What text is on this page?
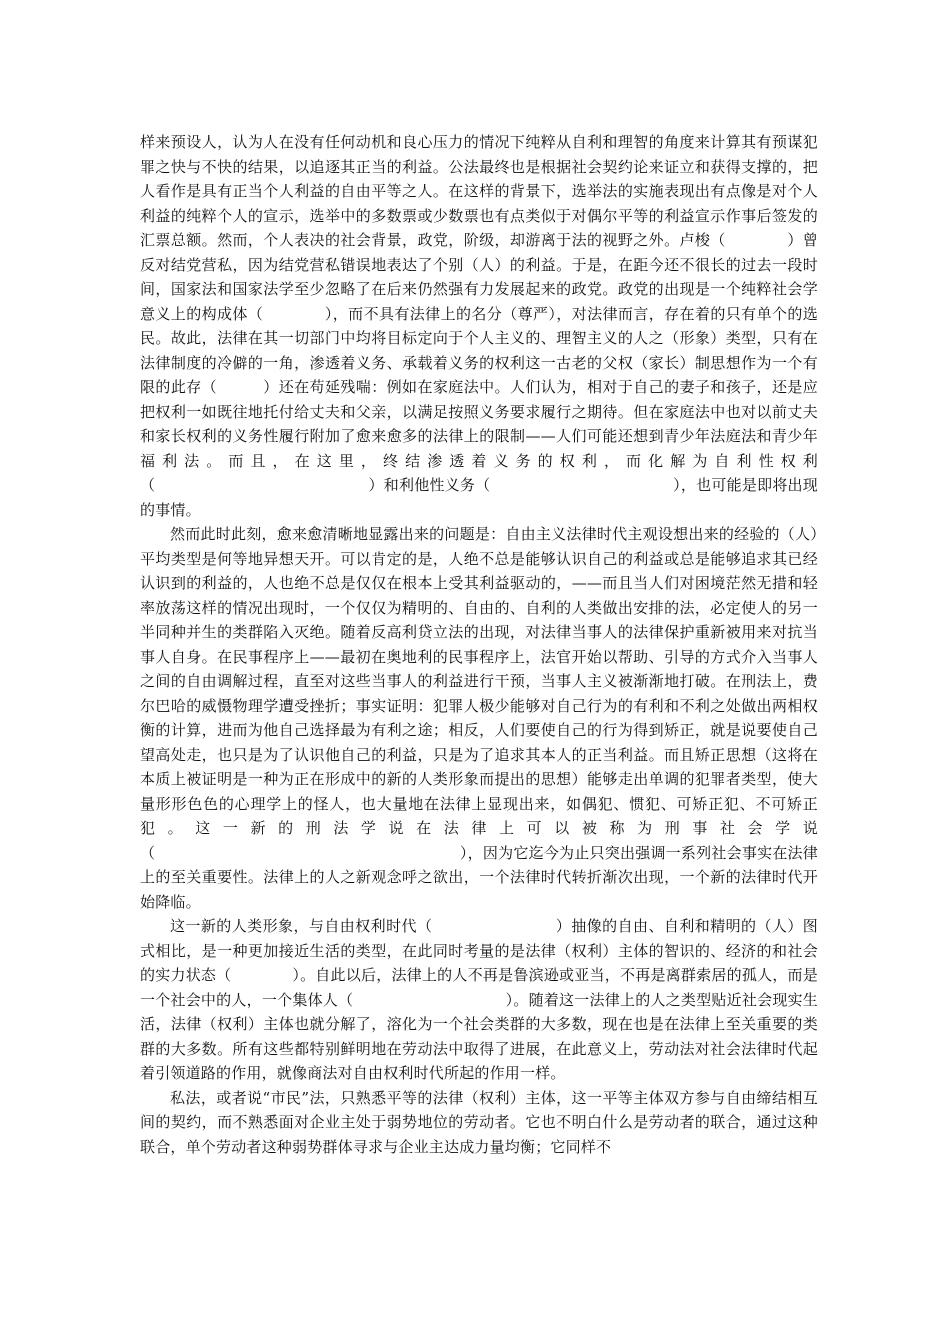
样来预设人，认为人在没有任何动机和良心压力的情况下纯粹从自利和理智的角度来计算其有预谋犯罪之快与不快的结果，以追逐其正当的利益。公法最终也是根据社会契约论来证立和获得支撑的，把人看作是具有正当个人利益的自由平等之人。在这样的背景下，选举法的实施表现出有点像是对个人利益的纯粹个人的宣示，选举中的多数票或少数票也有点类似于对偶尔平等的利益宣示作事后签发的汇票总额。然而，个人表决的社会背景，政党，阶级，却游离于法的视野之外。卢梭（　　　　）曾反对结党营私，因为结党营私错误地表达了个别（人）的利益。于是，在距今还不很长的过去一段时间，国家法和国家法学至少忽略了在后来仍然强有力发展起来的政党。政党的出现是一个纯粹社会学意义上的构成体（　　　　），而不具有法律上的名分（尊严），对法律而言，存在着的只有单个的选民。故此，法律在其一切部门中均将目标定向于个人主义的、理智主义的人之（形象）类型，只有在法律制度的冷僻的一角，渗透着义务、承载着义务的权利这一古老的父权（家长）制思想作为一个有限的此存（　　　）还在苟延残喘：例如在家庭法中。人们认为，相对于自己的妻子和孩子，还是应把权利一如既往地托付给丈夫和父亲，以满足按照义务要求履行之期待。但在家庭法中也对以前丈夫和家长权利的义务性履行附加了愈来愈多的法律上的限制——人们可能还想到青少年法庭法和青少年福利法。而且，在这里，终结渗透着义务的权利，而化解为自利性权利（　　　　　　　　　　　　　　）和利他性义务（　　　　　　　　　　　　），也可能是即将出现的事情。

然而此时此刻，愈来愈清晰地显露出来的问题是：自由主义法律时代主观设想出来的经验的（人）平均类型是何等地异想天开。可以肯定的是，人绝不总是能够认识自己的利益或总是能够追求其已经认识到的利益的，人也绝不总是仅仅在根本上受其利益驱动的，——而且当人们对困境茫然无措和轻率放荡这样的情况出现时，一个仅仅为精明的、自由的、自利的人类做出安排的法，必定使人的另一半同种并生的类群陷入灭绝。随着反高利贷立法的出现，对法律当事人的法律保护重新被用来对抗当事人自身。在民事程序上——最初在奥地利的民事程序上，法官开始以帮助、引导的方式介入当事人之间的自由调解过程，直至对这些当事人的利益进行干预，当事人主义被渐渐地打破。在刑法上，费尔巴哈的威慑物理学遭受挫折；事实证明：犯罪人极少能够对自己行为的有利和不利之处做出两相权衡的计算，进而为他自己选择最为有利之途；相反，人们要使自己的行为得到矫正，就是说要使自己望高处走，也只是为了认识他自己的利益，只是为了追求其本人的正当利益。而且矫正思想（这将在本质上被证明是一种为正在形成中的新的人类形象而提出的思想）能够走出单调的犯罪者类型，使大量形形色色的心理学上的怪人，也大量地在法律上显现出来，如偶犯、惯犯、可矫正犯、不可矫正犯。这一新的刑法学说在法律上可以被称为刑事社会学说（　　　　　　　　　　　　　　　　　　　　），因为它迄今为止只突出强调一系列社会事实在法律上的至关重要性。法律上的人之新观念呼之欲出，一个法律时代转折渐次出现，一个新的法律时代开始降临。

这一新的人类形象，与自由权利时代（　　　　　　　　）抽像的自由、自利和精明的（人）图式相比，是一种更加接近生活的类型，在此同时考量的是法律（权利）主体的智识的、经济的和社会的实力状态（　　　　）。自此以后，法律上的人不再是鲁滨逊或亚当，不再是离群索居的孤人，而是一个社会中的人，一个集体人（　　　　　　　　　　）。随着这一法律上的人之类型贴近社会现实生活，法律（权利）主体也就分解了，溶化为一个社会类群的大多数，现在也是在法律上至关重要的类群的大多数。所有这些都特别鲜明地在劳动法中取得了进展，在此意义上，劳动法对社会法律时代起着引领道路的作用，就像商法对自由权利时代所起的作用一样。

私法，或者说“市民”法，只熟悉平等的法律（权利）主体，这一平等主体双方参与自由缔结相互间的契约，而不熟悉面对企业主处于弱势地位的劳动者。它也不明白什么是劳动者的联合，通过这种联合，单个劳动者这种弱势群体寻求与企业主达成力量均衡；它同样不
